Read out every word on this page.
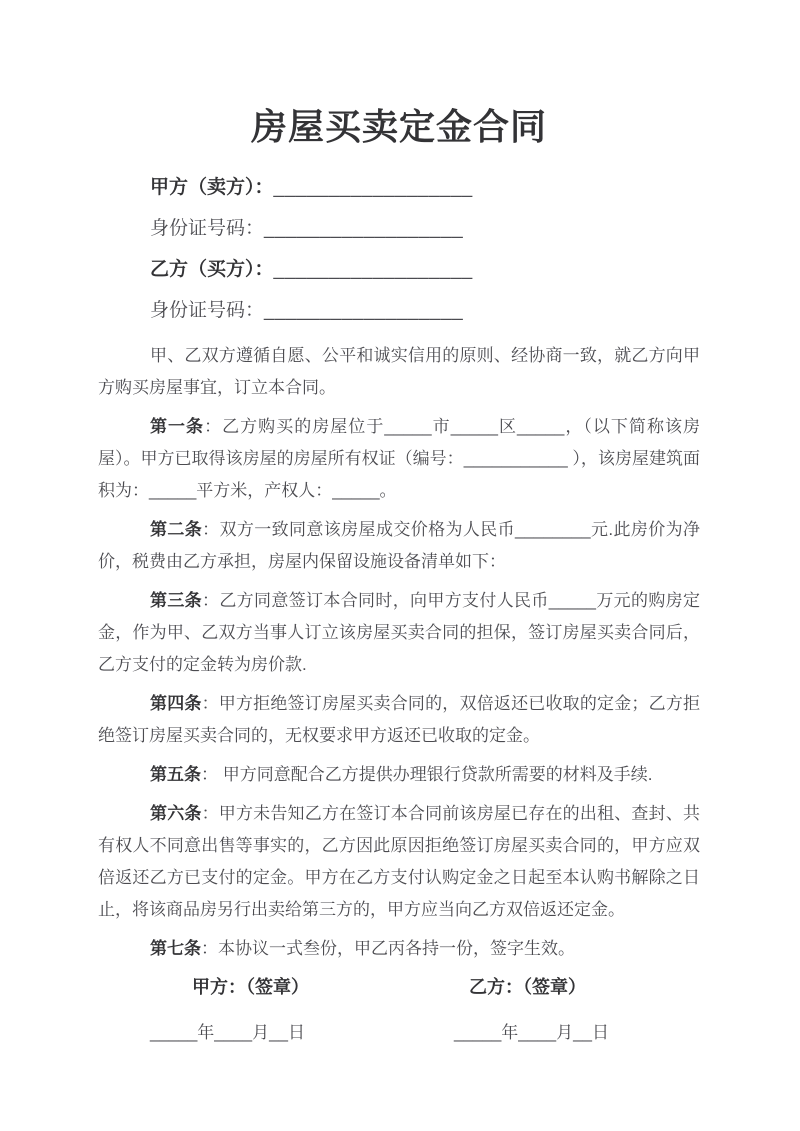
房屋买卖定金合同

甲方（卖方）：__________________

身份证号码：__________________

乙方（买方）：__________________

身份证号码：__________________

甲、乙双方遵循自愿、公平和诚实信用的原则、经协商一致，就乙方向甲方购买房屋事宜，订立本合同。

第一条：乙方购买的房屋位于_____市_____区_____，（以下简称该房屋）。甲方已取得该房屋的房屋所有权证（编号：___________ ），该房屋建筑面积为：_____平方米，产权人：_____。

第二条：双方一致同意该房屋成交价格为人民币________元.此房价为净价，税费由乙方承担，房屋内保留设施设备清单如下：

第三条：乙方同意签订本合同时，向甲方支付人民币_____万元的购房定金，作为甲、乙双方当事人订立该房屋买卖合同的担保，签订房屋买卖合同后，乙方支付的定金转为房价款.

第四条：甲方拒绝签订房屋买卖合同的，双倍返还已收取的定金；乙方拒绝签订房屋买卖合同的，无权要求甲方返还已收取的定金。

第五条： 甲方同意配合乙方提供办理银行贷款所需要的材料及手续.

第六条：甲方未告知乙方在签订本合同前该房屋已存在的出租、查封、共有权人不同意出售等事实的，乙方因此原因拒绝签订房屋买卖合同的，甲方应双倍返还乙方已支付的定金。甲方在乙方支付认购定金之日起至本认购书解除之日止，将该商品房另行出卖给第三方的，甲方应当向乙方双倍返还定金。

第七条：本协议一式叁份，甲乙丙各持一份，签字生效。

甲方：（签章）

_____年____月__日

乙方：（签章）

_____年____月__日
